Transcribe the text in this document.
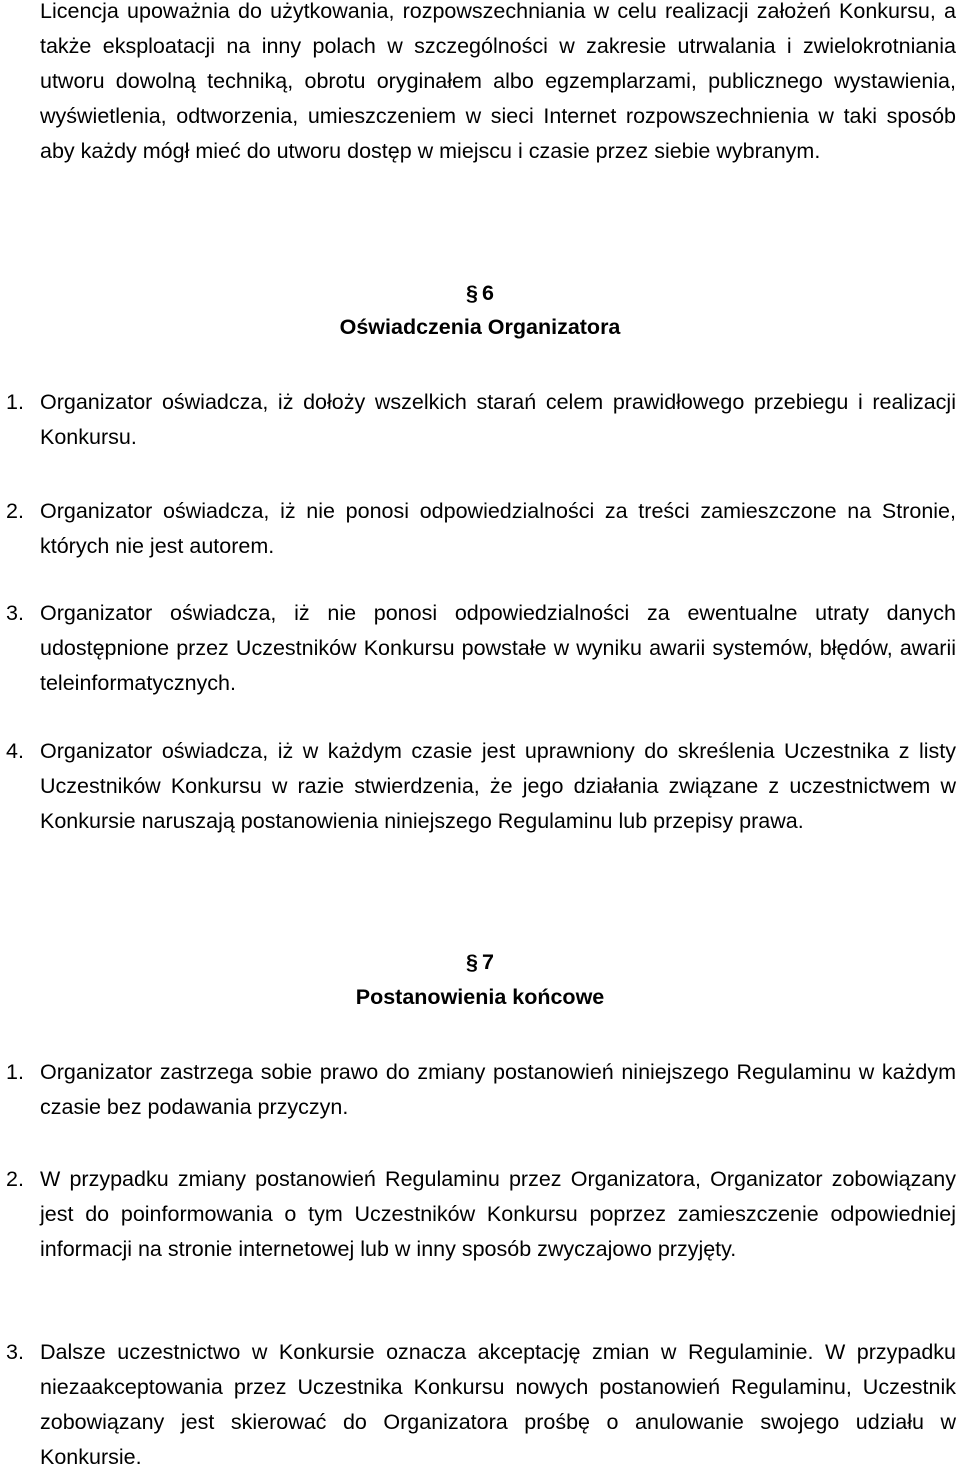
Licencja upoważnia do użytkowania, rozpowszechniania w celu realizacji założeń Konkursu, a także eksploatacji na inny polach w szczególności w zakresie utrwalania i zwielokrotniania utworu dowolną techniką, obrotu oryginałem albo egzemplarzami, publicznego wystawienia, wyświetlenia, odtworzenia, umieszczeniem w sieci Internet rozpowszechnienia w taki sposób aby każdy mógł mieć do utworu dostęp w miejscu i czasie przez siebie wybranym.

§ 6
Oświadczenia Organizatora
1. Organizator oświadcza, iż dołoży wszelkich starań celem prawidłowego przebiegu i realizacji Konkursu.
2. Organizator oświadcza, iż nie ponosi odpowiedzialności za treści zamieszczone na Stronie, których nie jest autorem.
3. Organizator oświadcza, iż nie ponosi odpowiedzialności za ewentualne utraty danych udostępnione przez Uczestników Konkursu powstałe w wyniku awarii systemów, błędów, awarii teleinformatycznych.
4. Organizator oświadcza, iż w każdym czasie jest uprawniony do skreślenia Uczestnika z listy Uczestników Konkursu w razie stwierdzenia, że jego działania związane z uczestnictwem w Konkursie naruszają postanowienia niniejszego Regulaminu lub przepisy prawa.
§ 7
Postanowienia końcowe
1. Organizator zastrzega sobie prawo do zmiany postanowień niniejszego Regulaminu w każdym czasie bez podawania przyczyn.
2. W przypadku zmiany postanowień Regulaminu przez Organizatora, Organizator zobowiązany jest do poinformowania o tym Uczestników Konkursu poprzez zamieszczenie odpowiedniej informacji na stronie internetowej lub w inny sposób zwyczajowo przyjęty.
3. Dalsze uczestnictwo w Konkursie oznacza akceptację zmian w Regulaminie. W przypadku niezaakceptowania przez Uczestnika Konkursu nowych postanowień Regulaminu, Uczestnik zobowiązany jest skierować do Organizatora prośbę o anulowanie swojego udziału w Konkursie.
